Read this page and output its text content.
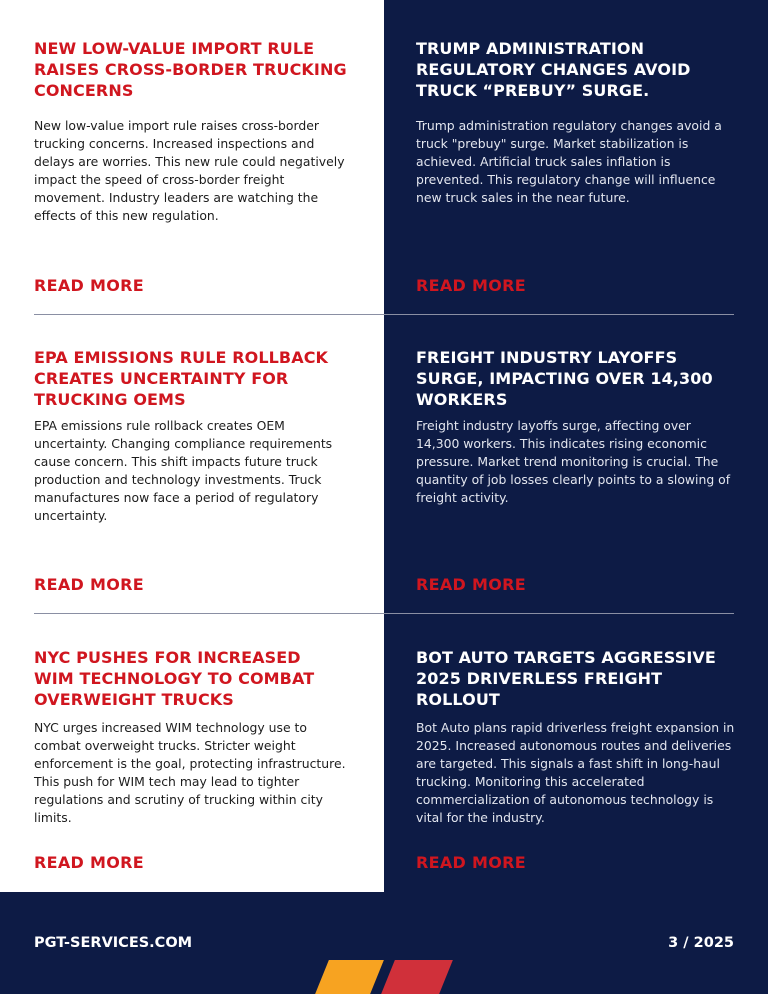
NEW LOW-VALUE IMPORT RULE RAISES CROSS-BORDER TRUCKING CONCERNS

New low-value import rule raises cross-border trucking concerns. Increased inspections and delays are worries. This new rule could negatively impact the speed of cross-border freight movement. Industry leaders are watching the effects of this new regulation.

READ MORE
TRUMP ADMINISTRATION REGULATORY CHANGES AVOID TRUCK “PREBUY” SURGE.

Trump administration regulatory changes avoid a truck "prebuy" surge. Market stabilization is achieved. Artificial truck sales inflation is prevented. This regulatory change will influence new truck sales in the near future.

READ MORE
EPA EMISSIONS RULE ROLLBACK CREATES UNCERTAINTY FOR TRUCKING OEMS

EPA emissions rule rollback creates OEM uncertainty. Changing compliance requirements cause concern. This shift impacts future truck production and technology investments. Truck manufactures now face a period of regulatory uncertainty.

READ MORE
FREIGHT INDUSTRY LAYOFFS SURGE, IMPACTING OVER 14,300 WORKERS

Freight industry layoffs surge, affecting over 14,300 workers. This indicates rising economic pressure. Market trend monitoring is crucial. The quantity of job losses clearly points to a slowing of freight activity.

READ MORE
NYC PUSHES FOR INCREASED WIM TECHNOLOGY TO COMBAT OVERWEIGHT TRUCKS

NYC urges increased WIM technology use to combat overweight trucks. Stricter weight enforcement is the goal, protecting infrastructure. This push for WIM tech may lead to tighter regulations and scrutiny of trucking within city limits.

READ MORE
BOT AUTO TARGETS AGGRESSIVE 2025 DRIVERLESS FREIGHT ROLLOUT

Bot Auto plans rapid driverless freight expansion in 2025. Increased autonomous routes and deliveries are targeted. This signals a fast shift in long-haul trucking. Monitoring this accelerated commercialization of autonomous technology is vital for the industry.

READ MORE
PGT-SERVICES.COM	3 / 2025
